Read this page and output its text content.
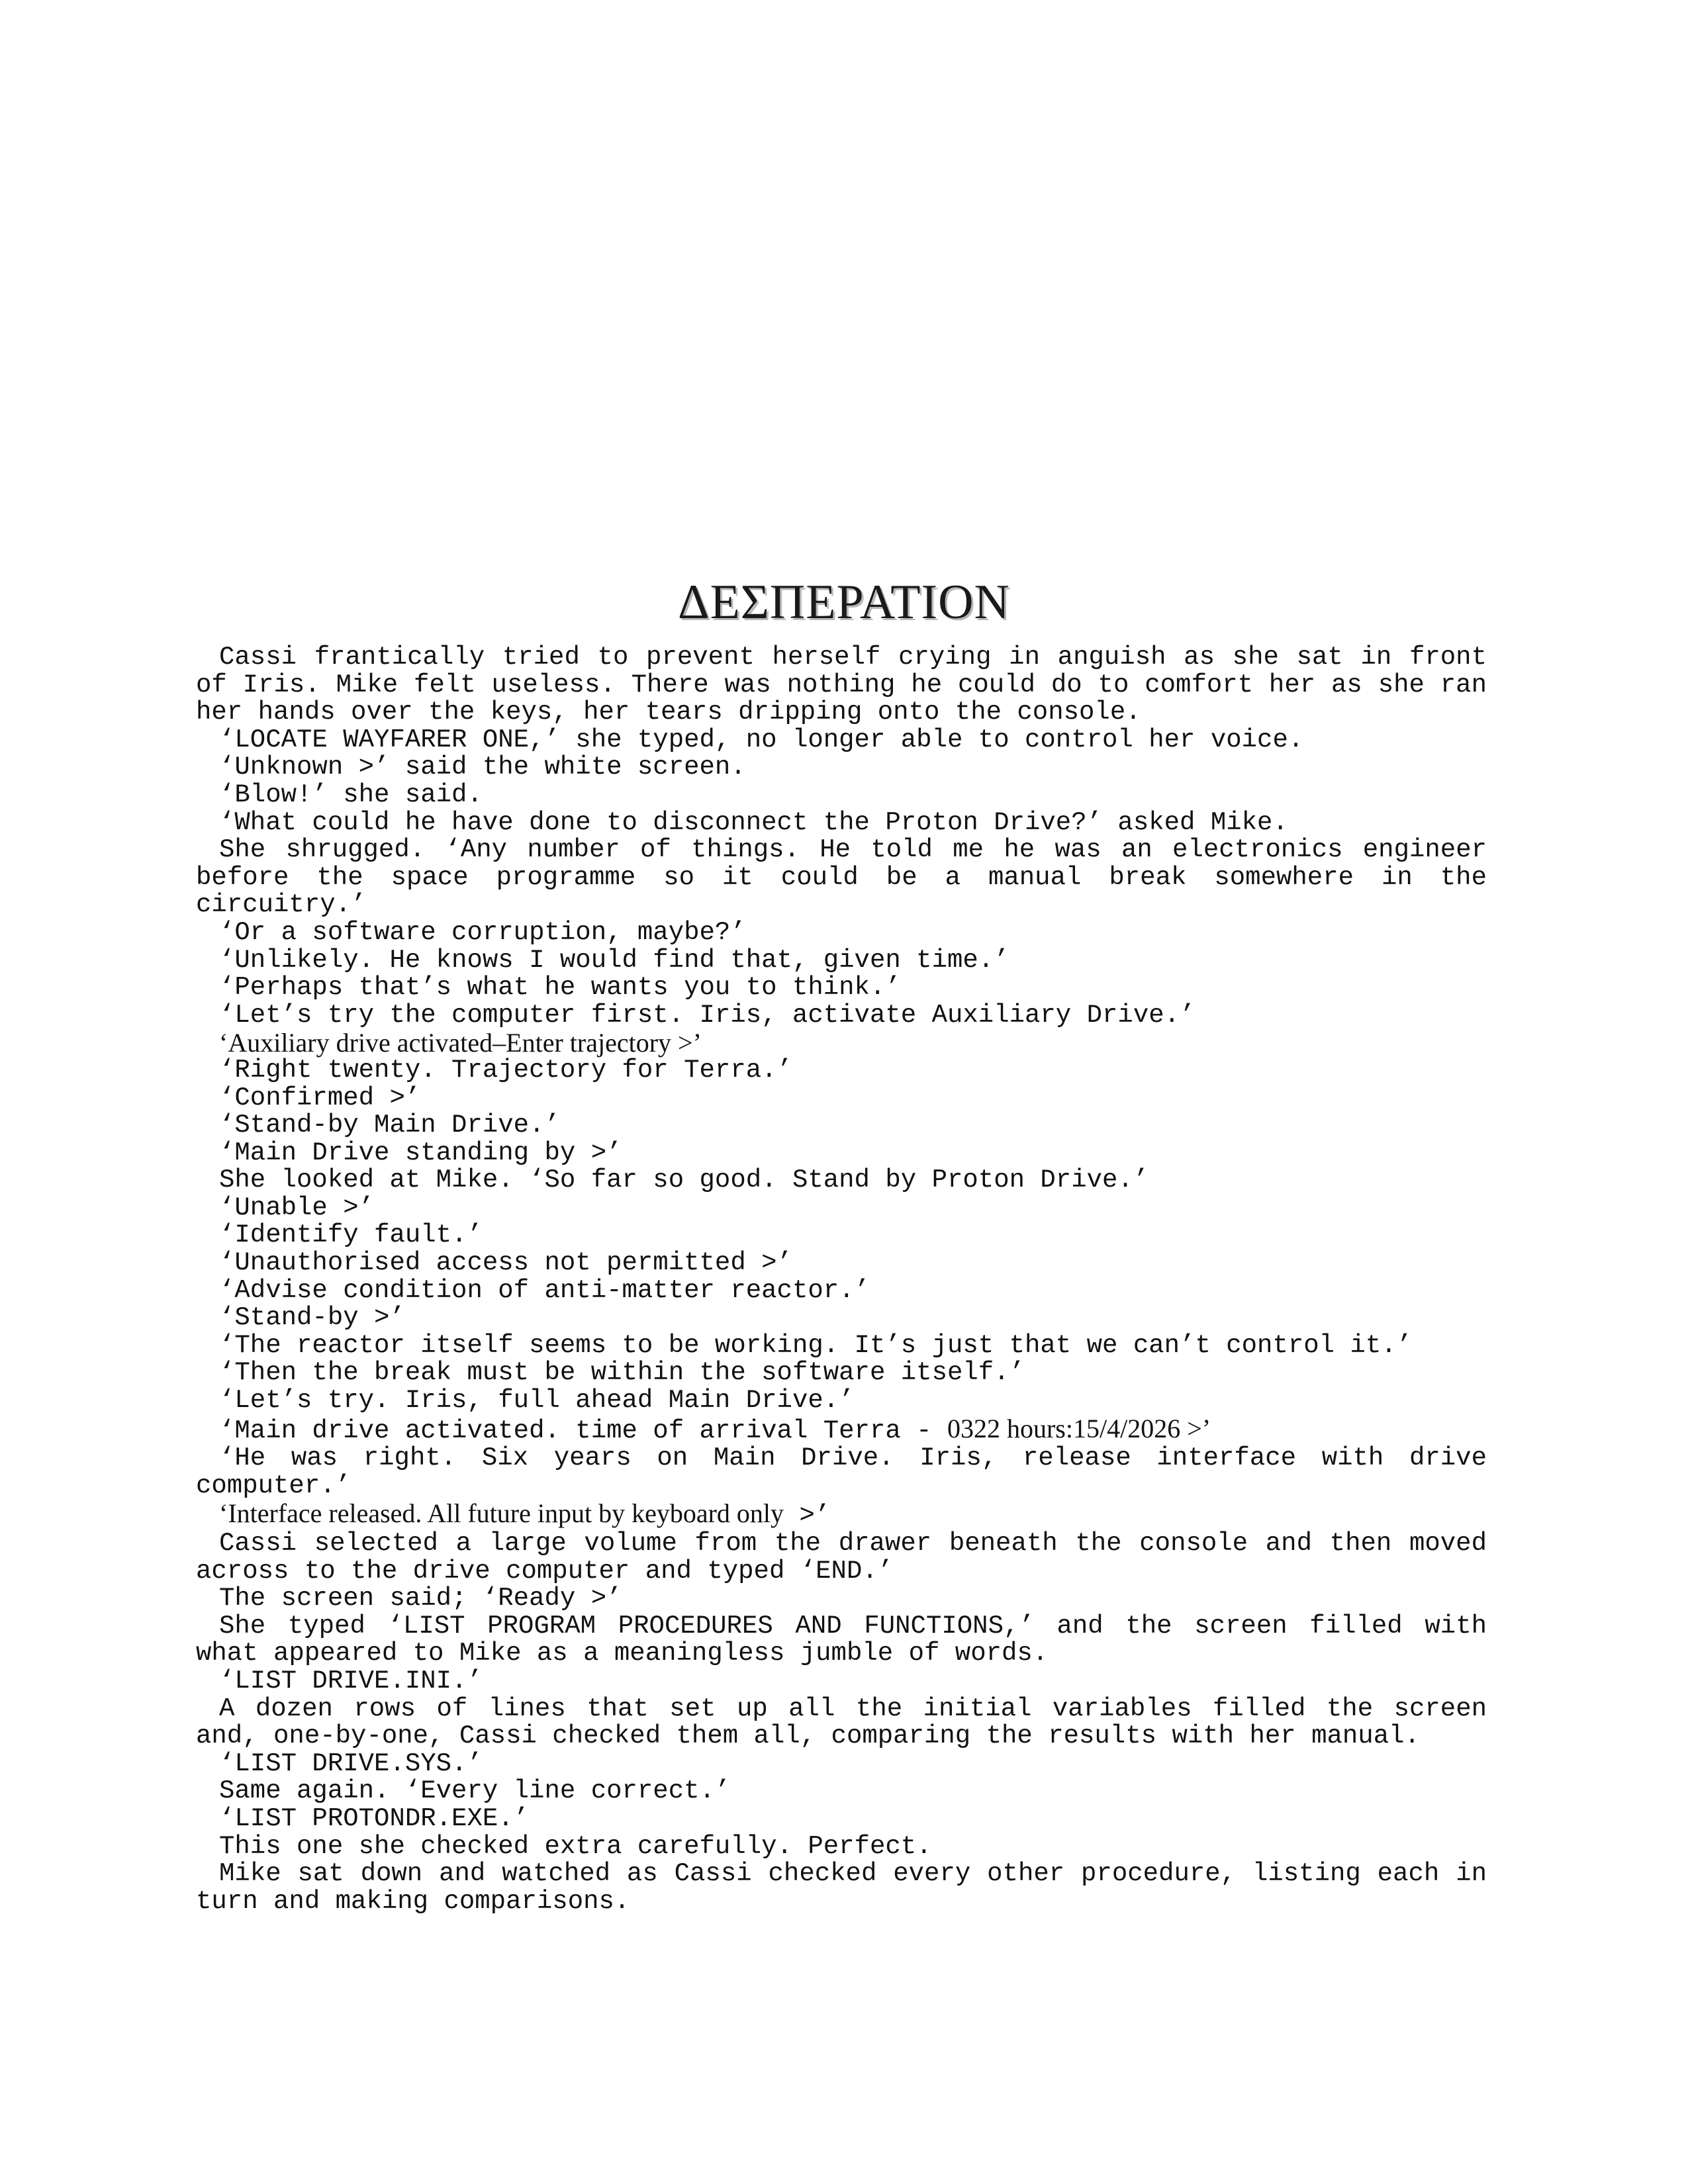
ΔΕΣΠΕΡΑΤΙΟΝ

Cassi frantically tried to prevent herself crying in anguish as she sat in front of Iris. Mike felt useless. There was nothing he could do to comfort her as she ran her hands over the keys, her tears dripping onto the console.

‘LOCATE WAYFARER ONE,’ she typed, no longer able to control her voice.

‘Unknown >’ said the white screen.

‘Blow!’ she said.

‘What could he have done to disconnect the Proton Drive?’ asked Mike.

She shrugged. ‘Any number of things. He told me he was an electronics engineer before the space programme so it could be a manual break somewhere in the circuitry.’

‘Or a software corruption, maybe?’

‘Unlikely. He knows I would find that, given time.’

‘Perhaps that’s what he wants you to think.’

‘Let’s try the computer first. Iris, activate Auxiliary Drive.’

‘Auxiliary drive activated–Enter trajectory >’

‘Right twenty. Trajectory for Terra.’

‘Confirmed >’

‘Stand-by Main Drive.’

‘Main Drive standing by >’

She looked at Mike. ‘So far so good. Stand by Proton Drive.’

‘Unable >’

‘Identify fault.’

‘Unauthorised access not permitted >’

‘Advise condition of anti-matter reactor.’

‘Stand-by >’

‘The reactor itself seems to be working. It’s just that we can’t control it.’

‘Then the break must be within the software itself.’

‘Let’s try. Iris, full ahead Main Drive.’

‘Main drive activated. time of arrival Terra - 0322 hours:15/4/2026 >’

‘He was right. Six years on Main Drive. Iris, release interface with drive computer.’

‘Interface released. All future input by keyboard only >’

Cassi selected a large volume from the drawer beneath the console and then moved across to the drive computer and typed ‘END.’

The screen said; ‘Ready >’

She typed ‘LIST PROGRAM PROCEDURES AND FUNCTIONS,’ and the screen filled with what appeared to Mike as a meaningless jumble of words.

‘LIST DRIVE.INI.’

A dozen rows of lines that set up all the initial variables filled the screen and, one-by-one, Cassi checked them all, comparing the results with her manual.

‘LIST DRIVE.SYS.’

Same again. ‘Every line correct.’

‘LIST PROTONDR.EXE.’

This one she checked extra carefully. Perfect.

Mike sat down and watched as Cassi checked every other procedure, listing each in turn and making comparisons.
